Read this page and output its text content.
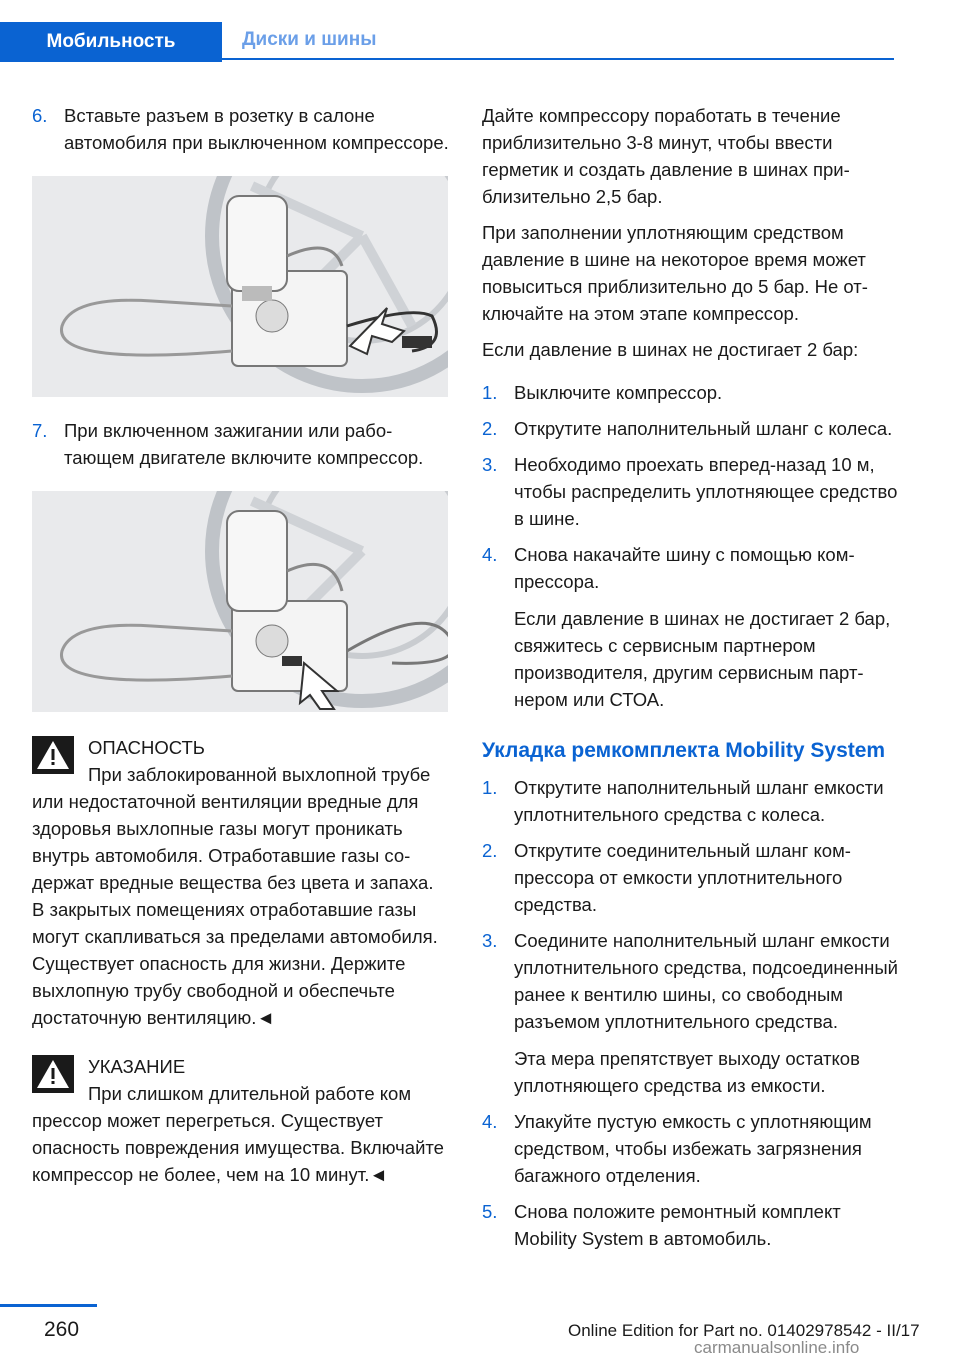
Мобильность	Диски и шины
6. Вставьте разъем в розетку в салоне автомобиля при выключенном компрессоре.
7. При включенном зажигании или работающем двигателе включите компрессор.
ОПАСНОСТЬ
При заблокированной выхлопной трубе
или недостаточной вентиляции вредные для здоровья выхлопные газы могут проникать внутрь автомобиля. Отработавшие газы содержат вредные вещества без цвета и запаха. В закрытых помещениях отработавшие газы могут скапливаться за пределами автомобиля. Существует опасность для жизни. Держите выхлопную трубу свободной и обеспечьте достаточную вентиляцию.◄
УКАЗАНИЕ
При слишком длительной работе ком
прессор может перегреться. Существует опасность повреждения имущества. Включайте компрессор не более, чем на 10 минут.◄
Дайте компрессору поработать в течение приблизительно 3-8 минут, чтобы ввести герметик и создать давление в шинах приблизительно 2,5 бар.
При заполнении уплотняющим средством давление в шине на некоторое время может повыситься приблизительно до 5 бар. Не отключайте на этом этапе компрессор.
Если давление в шинах не достигает 2 бар:
1. Выключите компрессор.
2. Открутите наполнительный шланг с колеса.
3. Необходимо проехать вперед-назад 10 м, чтобы распределить уплотняющее средство в шине.
4. Снова накачайте шину с помощью компрессора.
Если давление в шинах не достигает 2 бар, свяжитесь с сервисным партнером производителя, другим сервисным партнером или СТОА.
Укладка ремкомплекта Mobility System
1. Открутите наполнительный шланг емкости уплотнительного средства с колеса.
2. Открутите соединительный шланг компрессора от емкости уплотнительного средства.
3. Соедините наполнительный шланг емкости уплотнительного средства, подсоединенный ранее к вентилю шины, со свободным разъемом уплотнительного средства.
Эта мера препятствует выходу остатков уплотняющего средства из емкости.
4. Упакуйте пустую емкость с уплотняющим средством, чтобы избежать загрязнения багажного отделения.
5. Снова положите ремонтный комплект Mobility System в автомобиль.
260	Online Edition for Part no. 01402978542 - II/17
carmanualsonline.info
